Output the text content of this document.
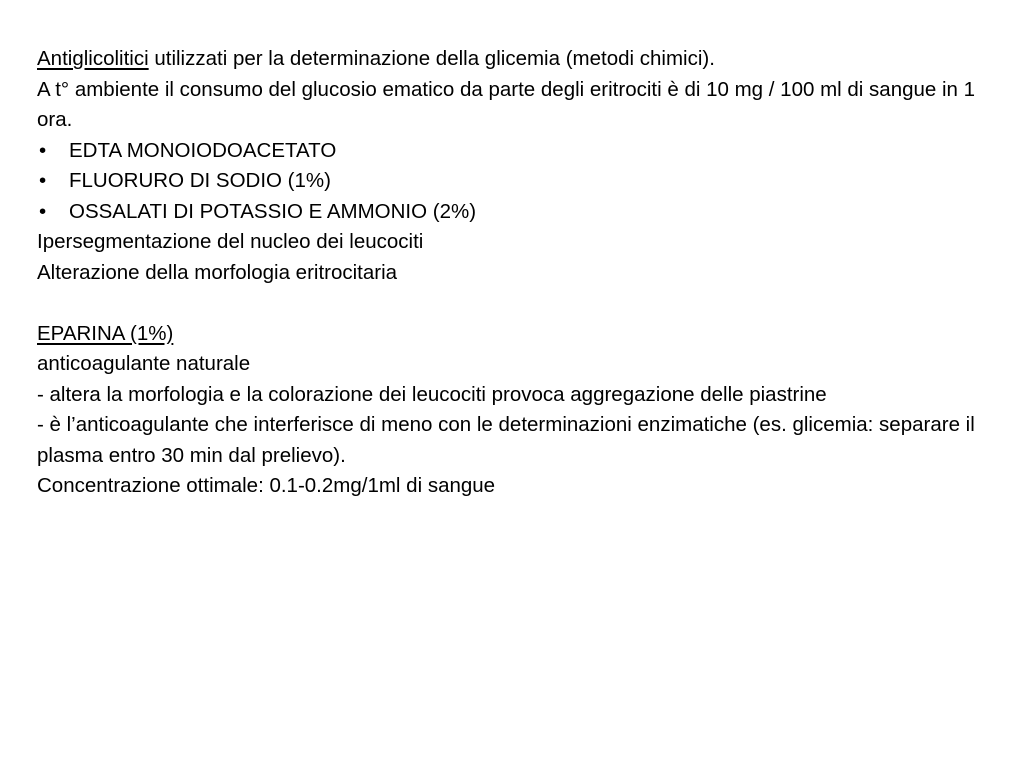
Antiglicolitici utilizzati per la determinazione della glicemia (metodi chimici).

A t° ambiente il consumo del glucosio ematico da parte degli eritrociti è di 10 mg / 100 ml di sangue in 1 ora.

• EDTA MONOIODOACETATO
• FLUORURO DI SODIO (1%)
• OSSALATI DI POTASSIO E AMMONIO (2%)

Ipersegmentazione del nucleo dei leucociti

Alterazione della morfologia eritrocitaria

EPARINA (1%)

anticoagulante naturale

- altera la morfologia e la colorazione dei leucociti provoca aggregazione delle piastrine

- è l’anticoagulante che interferisce di meno con le determinazioni enzimatiche (es. glicemia: separare il plasma entro 30 min dal prelievo).

Concentrazione ottimale: 0.1-0.2mg/1ml di sangue
